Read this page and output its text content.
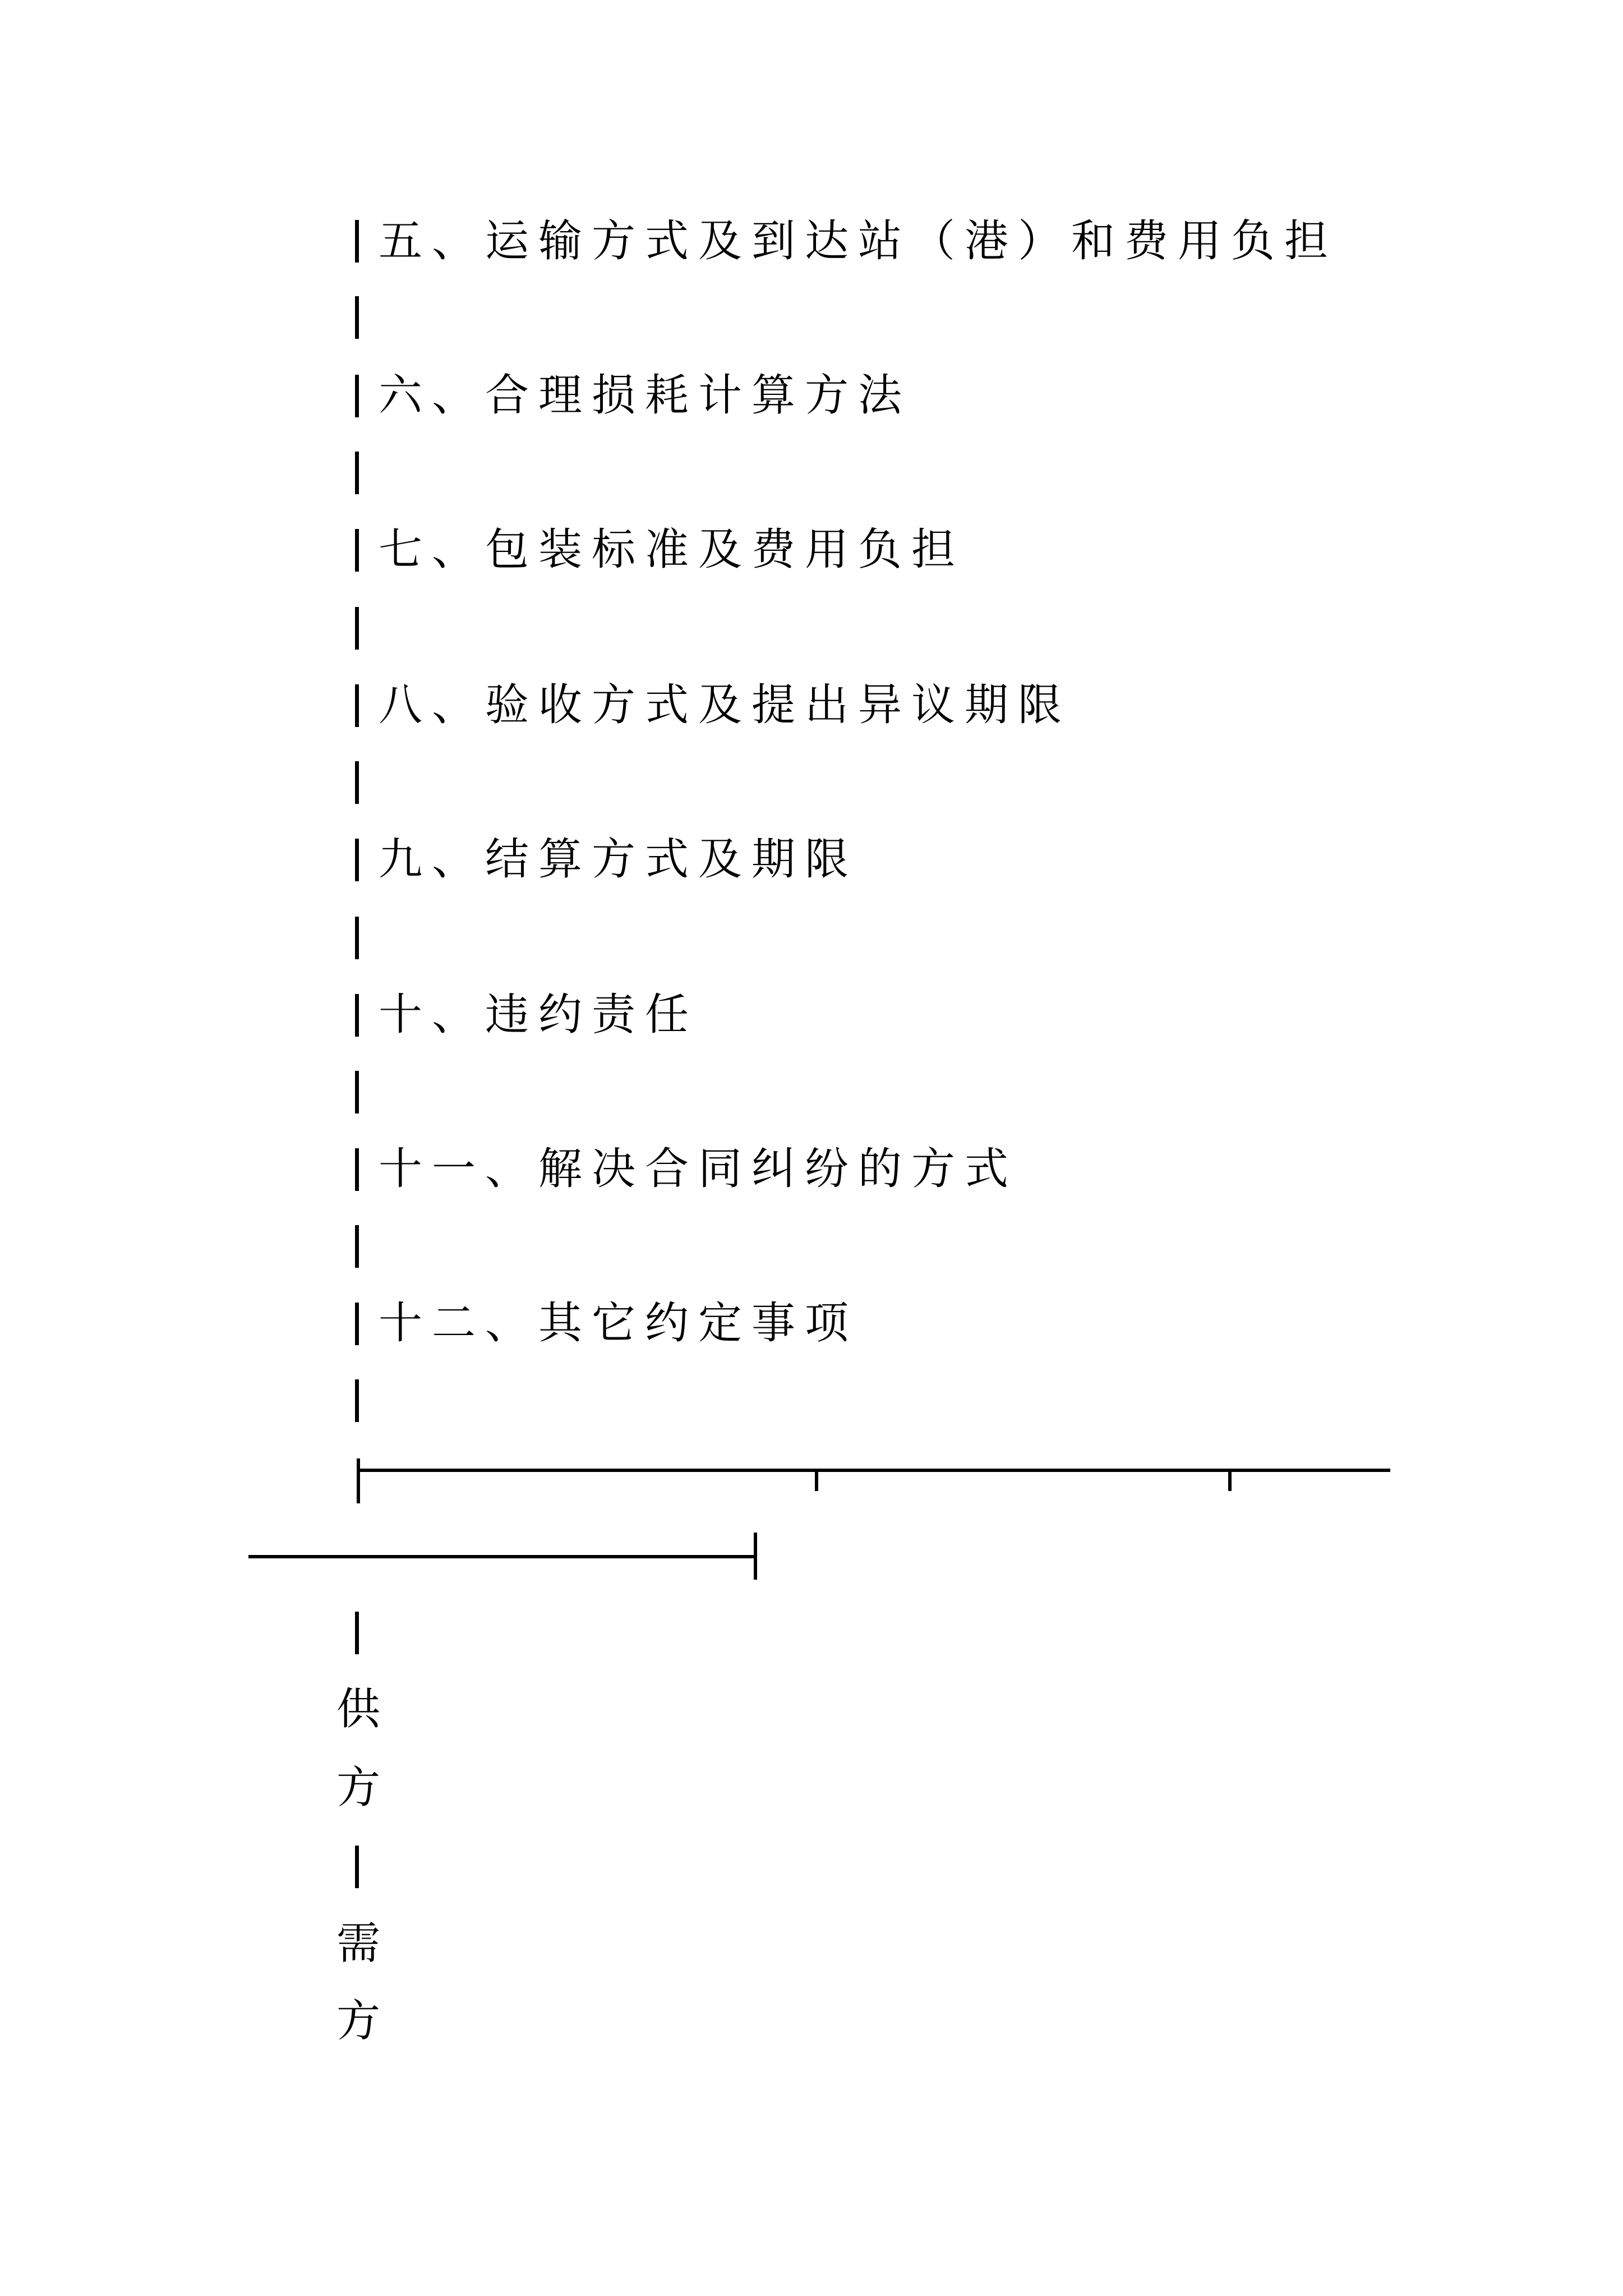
五、运输方式及到达站（港）和费用负担
六、合理损耗计算方法
七、包装标准及费用负担
八、验收方式及提出异议期限
九、结算方式及期限
十、违约责任
十一、解决合同纠纷的方式
十二、其它约定事项
供
方
需
方
